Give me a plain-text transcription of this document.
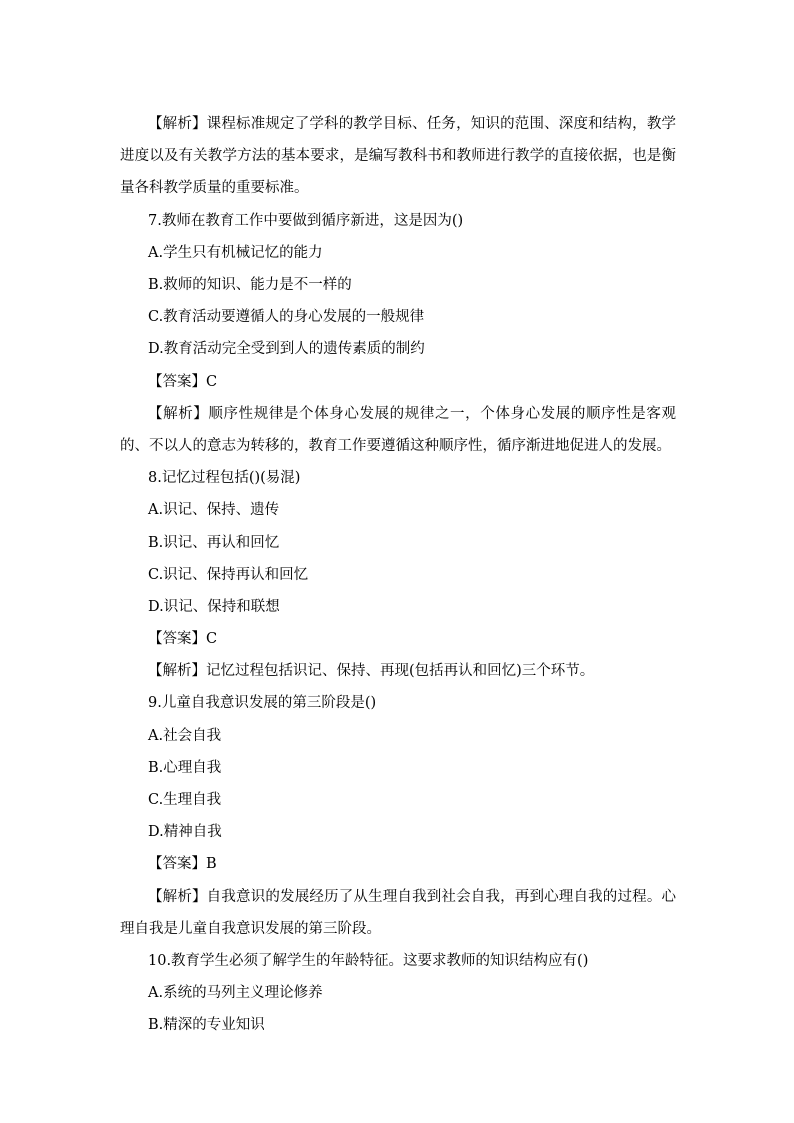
【解析】课程标准规定了学科的教学目标、任务，知识的范围、深度和结构，教学进度以及有关教学方法的基本要求，是编写教科书和教师进行教学的直接依据，也是衡量各科教学质量的重要标准。
7.教师在教育工作中要做到循序新进，这是因为()
A.学生只有机械记忆的能力
B.救师的知识、能力是不一样的
C.教育活动要遵循人的身心发展的一般规律
D.教育活动完全受到到人的遗传素质的制约
【答案】C
【解析】顺序性规律是个体身心发展的规律之一，个体身心发展的顺序性是客观的、不以人的意志为转移的，教育工作要遵循这种顺序性，循序渐进地促进人的发展。
8.记忆过程包括()(易混)
A.识记、保持、遗传
B.识记、再认和回忆
C.识记、保持再认和回忆
D.识记、保持和联想
【答案】C
【解析】记忆过程包括识记、保持、再现(包括再认和回忆)三个环节。
9.儿童自我意识发展的第三阶段是()
A.社会自我
B.心理自我
C.生理自我
D.精神自我
【答案】B
【解析】自我意识的发展经历了从生理自我到社会自我，再到心理自我的过程。心理自我是儿童自我意识发展的第三阶段。
10.教育学生必须了解学生的年龄特征。这要求教师的知识结构应有()
A.系统的马列主义理论修养
B.精深的专业知识
